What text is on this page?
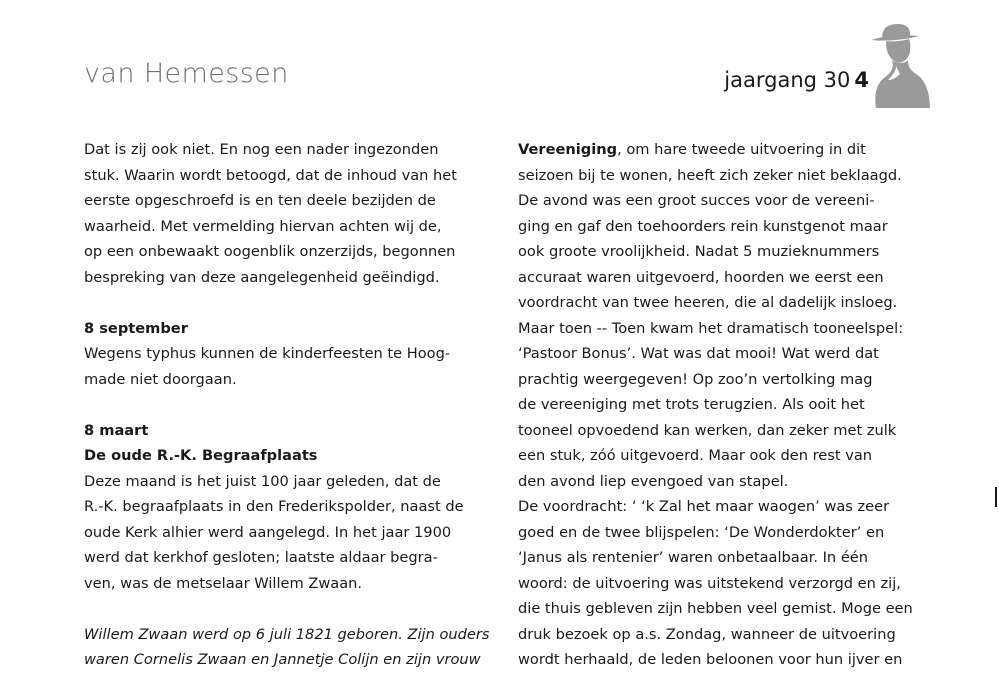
van Hemessen	jaargang 30 4
Dat is zij ook niet. En nog een nader ingezonden
stuk. Waarin wordt betoogd, dat de inhoud van het
eerste opgeschroefd is en ten deele bezijden de
waarheid. Met vermelding hiervan achten wij de,
op een onbewaakt oogenblik onzerzijds, begonnen
bespreking van deze aangelegenheid geëindigd.
8 september
Wegens typhus kunnen de kinderfeesten te Hoog-
made niet doorgaan.
8 maart
De oude R.-K. Begraafplaats
Deze maand is het juist 100 jaar geleden, dat de
R.-K. begraafplaats in den Frederikspolder, naast de
oude Kerk alhier werd aangelegd. In het jaar 1900
werd dat kerkhof gesloten; laatste aldaar begra-
ven, was de metselaar Willem Zwaan.
Willem Zwaan werd op 6 juli 1821 geboren. Zijn ouders
waren Cornelis Zwaan en Jannetje Colijn en zijn vrouw
Vereeniging, om hare tweede uitvoering in dit
seizoen bij te wonen, heeft zich zeker niet beklaagd.
De avond was een groot succes voor de vereeni-
ging en gaf den toehoorders rein kunstgenot maar
ook groote vroolijkheid. Nadat 5 muzieknummers
accuraat waren uitgevoerd, hoorden we eerst een
voordracht van twee heeren, die al dadelijk insloeg.
Maar toen -- Toen kwam het dramatisch tooneelspel:
‘Pastoor Bonus’. Wat was dat mooi! Wat werd dat
prachtig weergegeven! Op zoo’n vertolking mag
de vereeniging met trots terugzien. Als ooit het
tooneel opvoedend kan werken, dan zeker met zulk
een stuk, zóó uitgevoerd. Maar ook den rest van
den avond liep evengoed van stapel.
De voordracht: ‘ ‘k Zal het maar waogen’ was zeer
goed en de twee blijspelen: ‘De Wonderdokter’ en
‘Janus als rentenier’ waren onbetaalbaar. In één
woord: de uitvoering was uitstekend verzorgd en zij,
die thuis gebleven zijn hebben veel gemist. Moge een
druk bezoek op a.s. Zondag, wanneer de uitvoering
wordt herhaald, de leden beloonen voor hun ijver en
